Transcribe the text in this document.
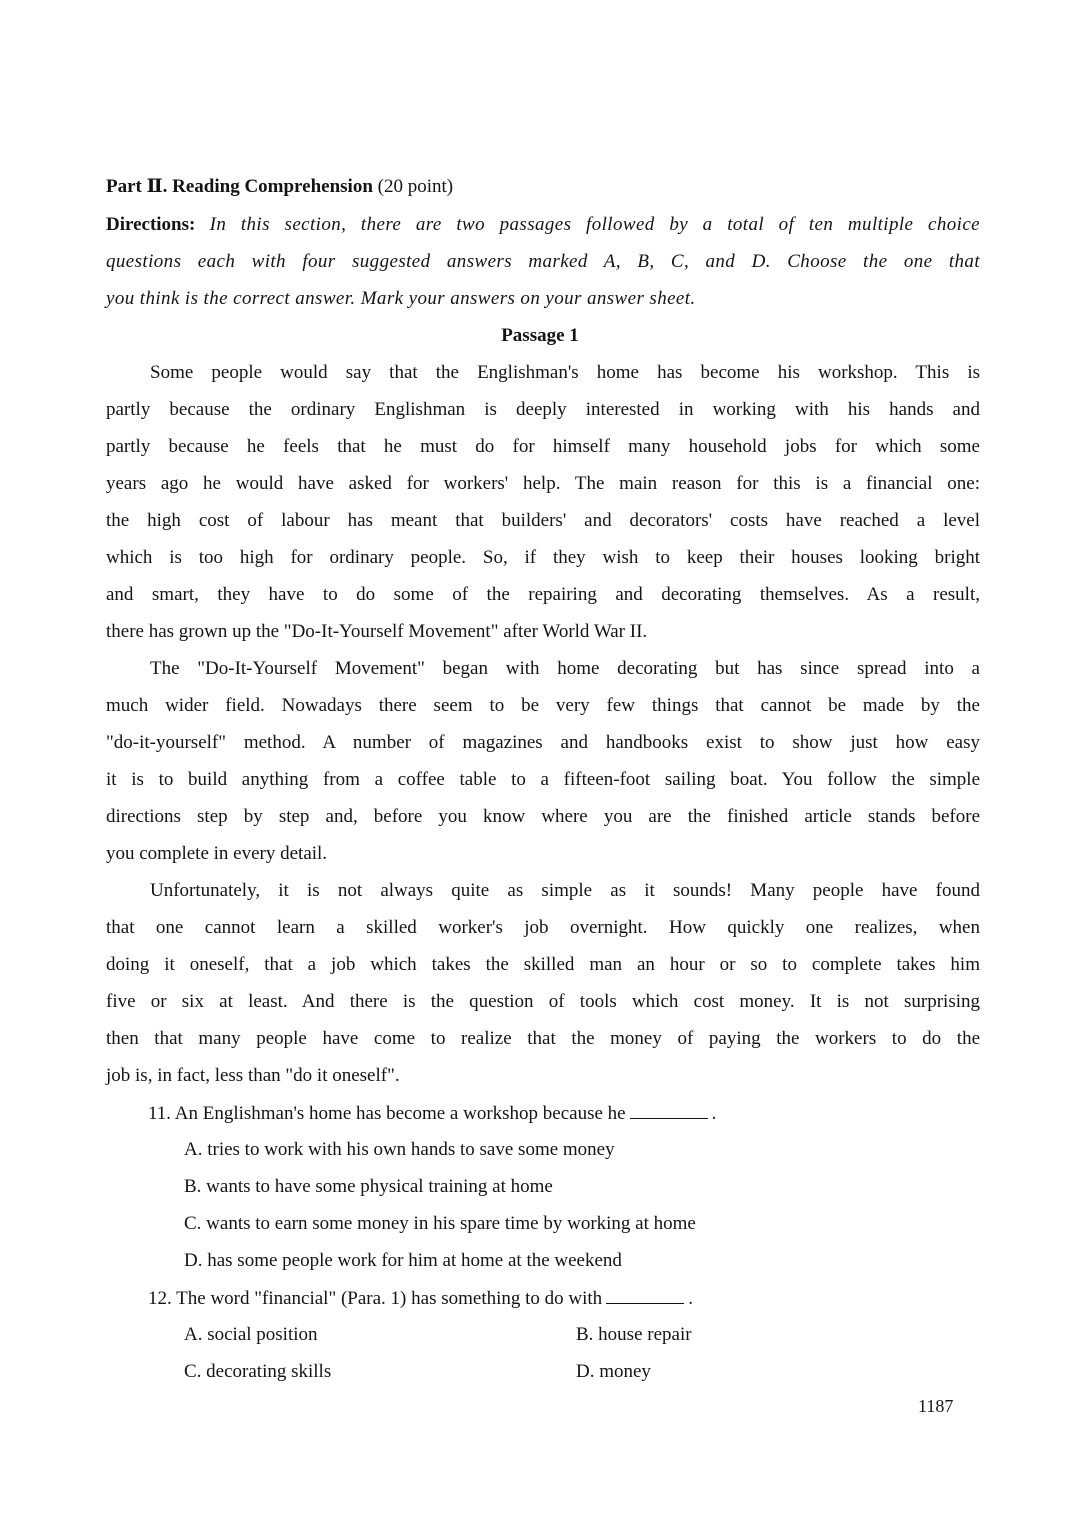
Part Ⅱ. Reading Comprehension (20 point)
Directions: In this section, there are two passages followed by a total of ten multiple choice
questions each with four suggested answers marked A, B, C, and D. Choose the one that
you think is the correct answer. Mark your answers on your answer sheet.
Passage 1
Some people would say that the Englishman's home has become his workshop. This is
partly because the ordinary Englishman is deeply interested in working with his hands and
partly because he feels that he must do for himself many household jobs for which some
years ago he would have asked for workers' help. The main reason for this is a financial one:
the high cost of labour has meant that builders' and decorators' costs have reached a level
which is too high for ordinary people. So, if they wish to keep their houses looking bright
and smart, they have to do some of the repairing and decorating themselves. As a result,
there has grown up the "Do-It-Yourself Movement" after World War II.
The "Do-It-Yourself Movement" began with home decorating but has since spread into a
much wider field. Nowadays there seem to be very few things that cannot be made by the
"do-it-yourself" method. A number of magazines and handbooks exist to show just how easy
it is to build anything from a coffee table to a fifteen-foot sailing boat. You follow the simple
directions step by step and, before you know where you are the finished article stands before
you complete in every detail.
Unfortunately, it is not always quite as simple as it sounds! Many people have found
that one cannot learn a skilled worker's job overnight. How quickly one realizes, when
doing it oneself, that a job which takes the skilled man an hour or so to complete takes him
five or six at least. And there is the question of tools which cost money. It is not surprising
then that many people have come to realize that the money of paying the workers to do the
job is, in fact, less than "do it oneself".
11. An Englishman's home has become a workshop because he	.
A. tries to work with his own hands to save some money
B. wants to have some physical training at home
C. wants to earn some money in his spare time by working at home
D. has some people work for him at home at the weekend
12. The word "financial" (Para. 1) has something to do with	.
A. social position	B. house repair
C. decorating skills	D. money
1187
